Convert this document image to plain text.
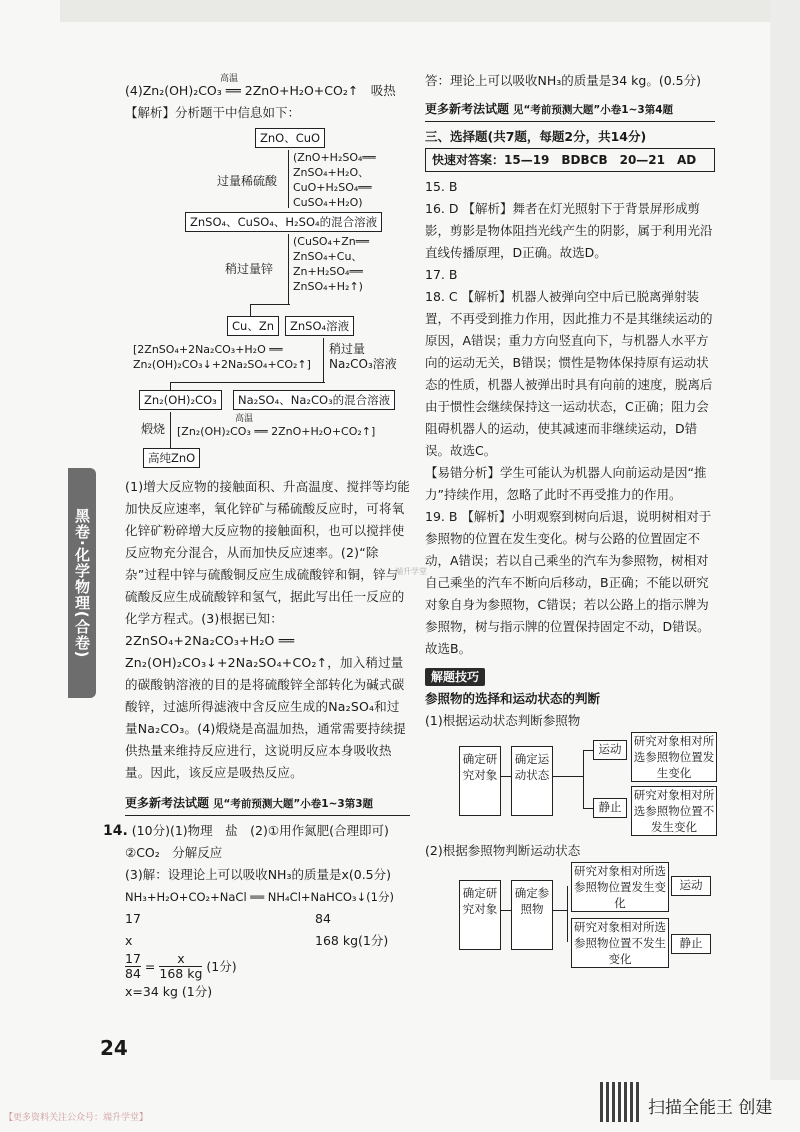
黑卷·化学物理(合卷)
高温

(4)Zn₂(OH)₂CO₃ ══ 2ZnO+H₂O+CO₂↑　吸热

【解析】分析题干中信息如下：

ZnO、CuO
过量稀硫酸
(ZnO+H₂SO₄══
ZnSO₄+H₂O、
CuO+H₂SO₄══
CuSO₄+H₂O)
ZnSO₄、CuSO₄、H₂SO₄的混合溶液
稍过量锌
(CuSO₄+Zn══
ZnSO₄+Cu、
Zn+H₂SO₄══
ZnSO₄+H₂↑)
Cu、Zn	ZnSO₄溶液
[2ZnSO₄+2Na₂CO₃+H₂O ══
Zn₂(OH)₂CO₃↓+2Na₂SO₄+CO₂↑]
稍过量
Na₂CO₃溶液
Zn₂(OH)₂CO₃	Na₂SO₄、Na₂CO₃的混合溶液
煅烧
高温
[Zn₂(OH)₂CO₃ ══ 2ZnO+H₂O+CO₂↑]
高纯ZnO

(1)增大反应物的接触面积、升高温度、搅拌等均能加快反应速率，氧化锌矿与稀硫酸反应时，可将氧化锌矿粉碎增大反应物的接触面积，也可以搅拌使反应物充分混合，从而加快反应速率。(2)“除杂”过程中锌与硫酸铜反应生成硫酸锌和铜，锌与硫酸反应生成硫酸锌和氢气，据此写出任一反应的化学方程式。(3)根据已知：2ZnSO₄+2Na₂CO₃+H₂O ══ Zn₂(OH)₂CO₃↓+2Na₂SO₄+CO₂↑，加入稍过量的碳酸钠溶液的目的是将硫酸锌全部转化为碱式碳酸锌，过滤所得滤液中含反应生成的Na₂SO₄和过量Na₂CO₃。(4)煅烧是高温加热，通常需要持续提供热量来维持反应进行，这说明反应本身吸收热量。因此，该反应是吸热反应。

更多新考法试题 见“考前预测大题”小卷1~3第3题
14. (10分)(1)物理　盐　(2)①用作氮肥(合理即可)　②CO₂　分解反应
(3)解：设理论上可以吸收NH₃的质量是x(0.5分)
NH₃+H₂O+CO₂+NaCl ══ NH₄Cl+NaHCO₃↓(1分)
17	84
x	168 kg(1分)
$\frac{17}{84} = \frac{x}{168 kg} (1$分)
x=34 kg (1分)
24

答：理论上可以吸收NH₃的质量是34 kg。(0.5分)

更多新考法试题 见“考前预测大题”小卷1~3第4题

三、选择题(共7题，每题2分，共14分)

快速对答案：15—19　BDBCB　20—21　AD

15. B

16. D 【解析】舞者在灯光照射下于背景屏形成剪影，剪影是物体阻挡光线产生的阴影，属于利用光沿直线传播原理，D正确。故选D。

17. B

18. C 【解析】机器人被弹向空中后已脱离弹射装置，不再受到推力作用，因此推力不是其继续运动的原因，A错误；重力方向竖直向下，与机器人水平方向的运动无关，B错误；惯性是物体保持原有运动状态的性质，机器人被弹出时具有向前的速度，脱离后由于惯性会继续保持这一运动状态，C正确；阻力会阻碍机器人的运动，使其减速而非继续运动，D错误。故选C。

【易错分析】学生可能认为机器人向前运动是因“推力”持续作用，忽略了此时不再受推力的作用。

19. B 【解析】小明观察到树向后退，说明树相对于参照物的位置在发生变化。树与公路的位置固定不动，A错误；若以自己乘坐的汽车为参照物，树相对自己乘坐的汽车不断向后移动，B正确；不能以研究对象自身为参照物，C错误；若以公路上的指示牌为参照物，树与指示牌的位置保持固定不动，D错误。故选B。

解题技巧

参照物的选择和运动状态的判断

(1)根据运动状态判断参照物

确定研究对象
确定运动状态
运动
静止
研究对象相对所选参照物位置发生变化
研究对象相对所选参照物位置不发生变化

(2)根据参照物判断运动状态

确定研究对象
确定参照物
研究对象相对所选参照物位置发生变化
研究对象相对所选参照物位置不发生变化
运动
静止
端升学堂
扫描全能王 创建
【更多资料关注公众号：端升学堂】
